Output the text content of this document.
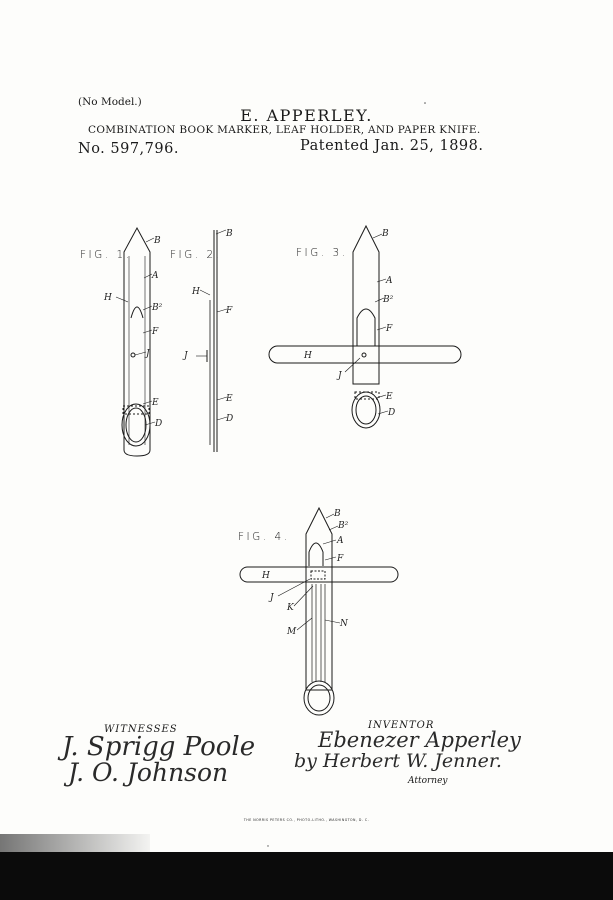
(No Model.)
E. APPERLEY.
COMBINATION BOOK MARKER, LEAF HOLDER, AND PAPER KNIFE.
No. 597,796.	Patented Jan. 25, 1898.
FIG. 1.
B
A
H
B²
F
J
E
D
FIG. 2.
B
H
F
J
E
D
FIG. 3.
B
A
B²
F
H
J
E
D
FIG. 4.
B
B²
A
F
H
J
K
M
N
WITNESSES
J. Sprigg Poole
J. O. Johnson
INVENTOR
Ebenezer Apperley
by Herbert W. Jenner.
Attorney
THE NORRIS PETERS CO., PHOTO-LITHO., WASHINGTON, D. C.
